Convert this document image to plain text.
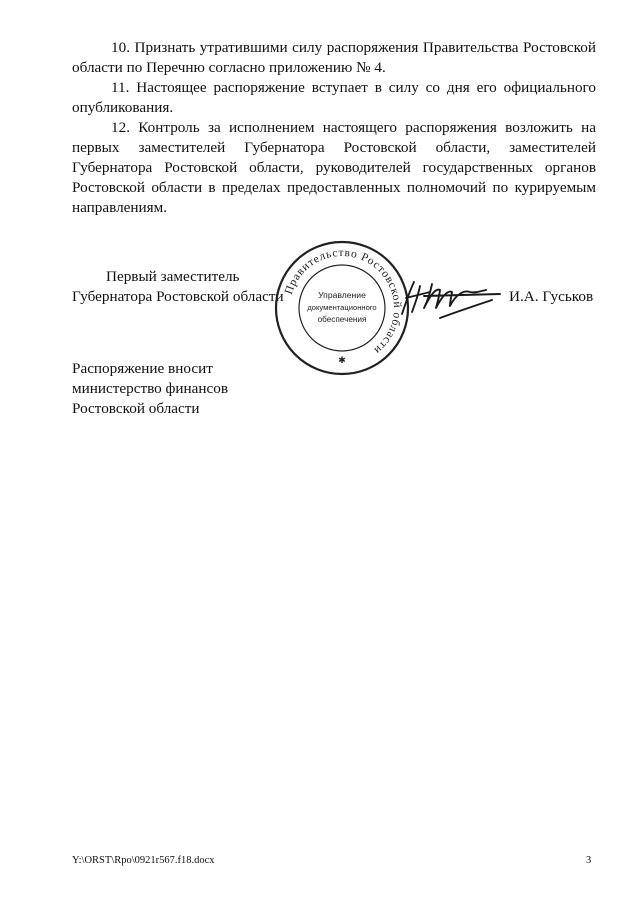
10. Признать утратившими силу распоряжения Правительства Ростовской области по Перечню согласно приложению № 4.

11. Настоящее распоряжение вступает в силу со дня его официального опубликования.

12. Контроль за исполнением настоящего распоряжения возложить на первых заместителей Губернатора Ростовской области, заместителей Губернатора Ростовской области, руководителей государственных органов Ростовской области в пределах предоставленных полномочий по курируемым направлениям.

Первый заместитель
Губернатора Ростовской области Правительство Ростовской области
Управление
документационного
обеспечения
✱
И.А. Гуськов
Распоряжение вносит
министерство финансов
Ростовской области
Y:\ORST\Rpo\0921r567.f18.docx	3
